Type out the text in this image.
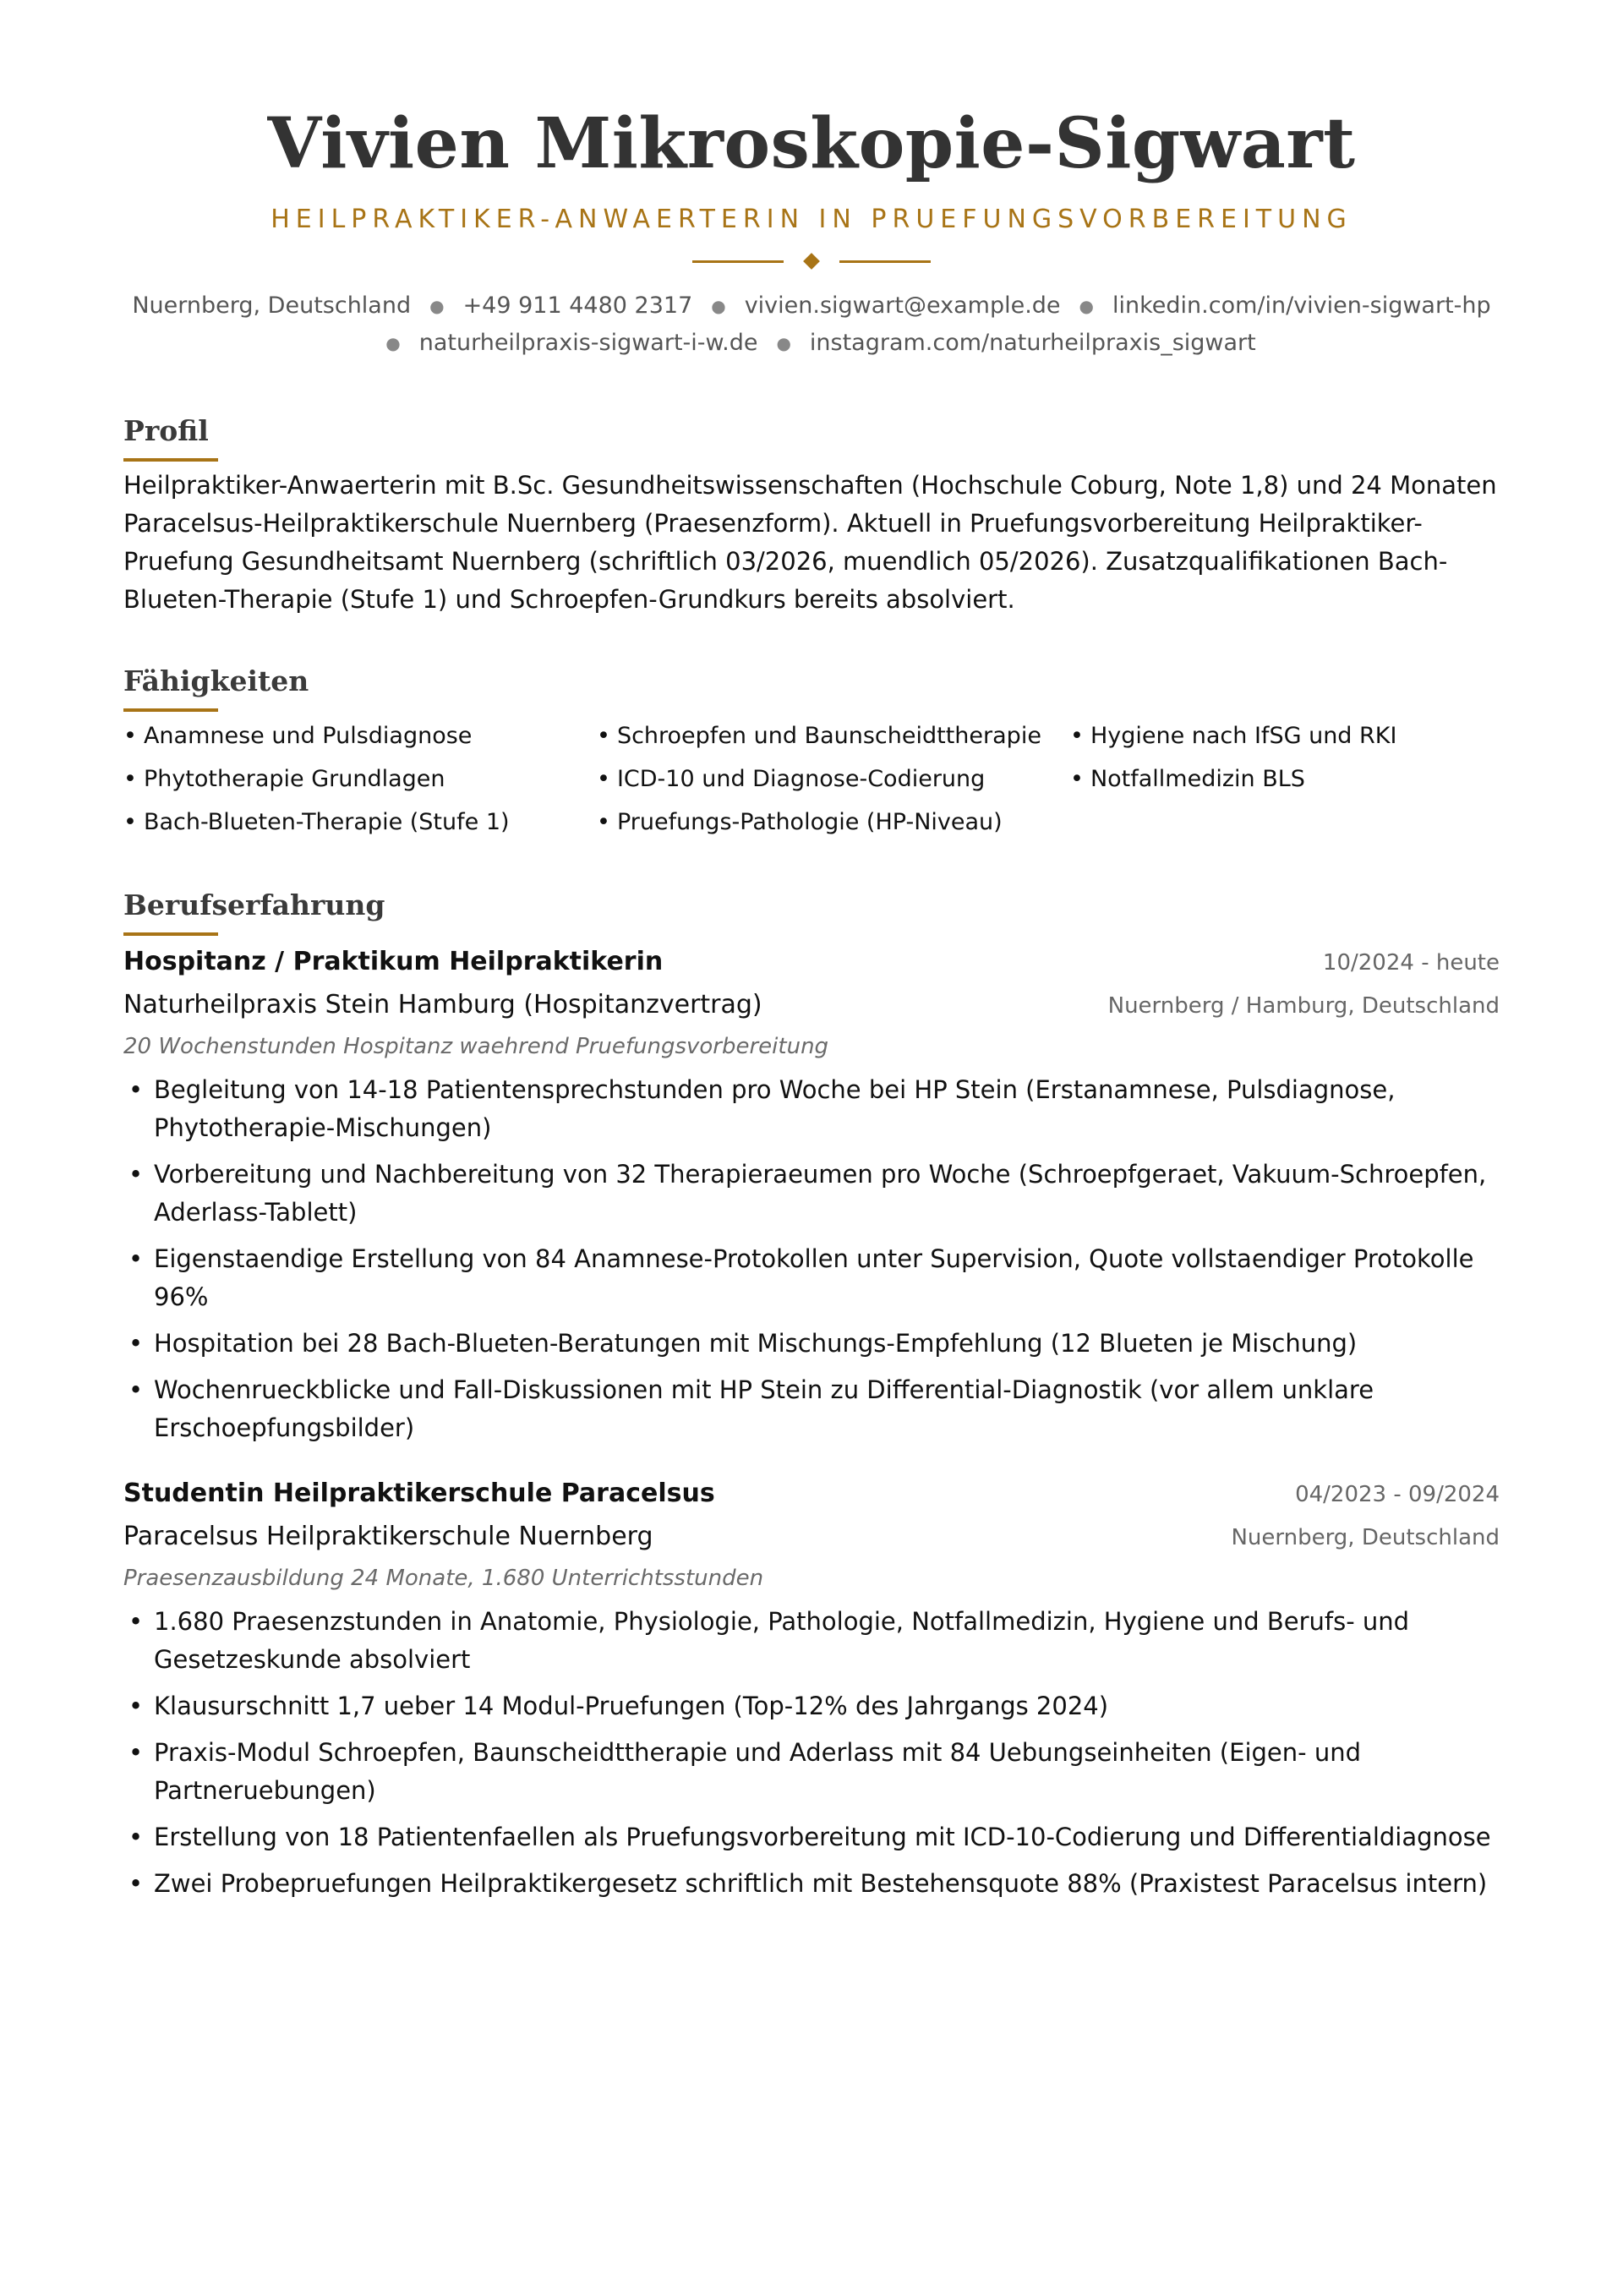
Vivien Mikroskopie-Sigwart
HEILPRAKTIKER-ANWAERTERIN IN PRUEFUNGSVORBEREITUNG
Nuernberg, Deutschland ● +49 911 4480 2317 ● vivien.sigwart@example.de ● linkedin.com/in/vivien-sigwart-hp
● naturheilpraxis-sigwart-i-w.de ● instagram.com/naturheilpraxis_sigwart
Profil

Heilpraktiker-Anwaerterin mit B.Sc. Gesundheitswissenschaften (Hochschule Coburg, Note 1,8) und 24 Monaten Paracelsus-Heilpraktikerschule Nuernberg (Praesenzform). Aktuell in Pruefungsvorbereitung Heilpraktiker-Pruefung Gesundheitsamt Nuernberg (schriftlich 03/2026, muendlich 05/2026). Zusatzqualifikationen Bach-Blueten-Therapie (Stufe 1) und Schroepfen-Grundkurs bereits absolviert.

Fähigkeiten
• Anamnese und Pulsdiagnose	• Schroepfen und Baunscheidttherapie	• Hygiene nach IfSG und RKI
• Phytotherapie Grundlagen	• ICD-10 und Diagnose-Codierung	• Notfallmedizin BLS
• Bach-Blueten-Therapie (Stufe 1)	• Pruefungs-Pathologie (HP-Niveau)
Berufserfahrung
Hospitanz / Praktikum Heilpraktikerin	10/2024 - heute
Naturheilpraxis Stein Hamburg (Hospitanzvertrag)	Nuernberg / Hamburg, Deutschland
20 Wochenstunden Hospitanz waehrend Pruefungsvorbereitung
• Begleitung von 14-18 Patientensprechstunden pro Woche bei HP Stein (Erstanamnese, Pulsdiagnose, Phytotherapie-Mischungen)
• Vorbereitung und Nachbereitung von 32 Therapieraeumen pro Woche (Schroepfgeraet, Vakuum-Schroepfen, Aderlass-Tablett)
• Eigenstaendige Erstellung von 84 Anamnese-Protokollen unter Supervision, Quote vollstaendiger Protokolle 96%
• Hospitation bei 28 Bach-Blueten-Beratungen mit Mischungs-Empfehlung (12 Blueten je Mischung)
• Wochenrueckblicke und Fall-Diskussionen mit HP Stein zu Differential-Diagnostik (vor allem unklare Erschoepfungsbilder)
Studentin Heilpraktikerschule Paracelsus	04/2023 - 09/2024
Paracelsus Heilpraktikerschule Nuernberg	Nuernberg, Deutschland
Praesenzausbildung 24 Monate, 1.680 Unterrichtsstunden
• 1.680 Praesenzstunden in Anatomie, Physiologie, Pathologie, Notfallmedizin, Hygiene und Berufs- und Gesetzeskunde absolviert
• Klausurschnitt 1,7 ueber 14 Modul-Pruefungen (Top-12% des Jahrgangs 2024)
• Praxis-Modul Schroepfen, Baunscheidttherapie und Aderlass mit 84 Uebungseinheiten (Eigen- und Partneruebungen)
• Erstellung von 18 Patientenfaellen als Pruefungsvorbereitung mit ICD-10-Codierung und Differentialdiagnose
• Zwei Probepruefungen Heilpraktikergesetz schriftlich mit Bestehensquote 88% (Praxistest Paracelsus intern)
